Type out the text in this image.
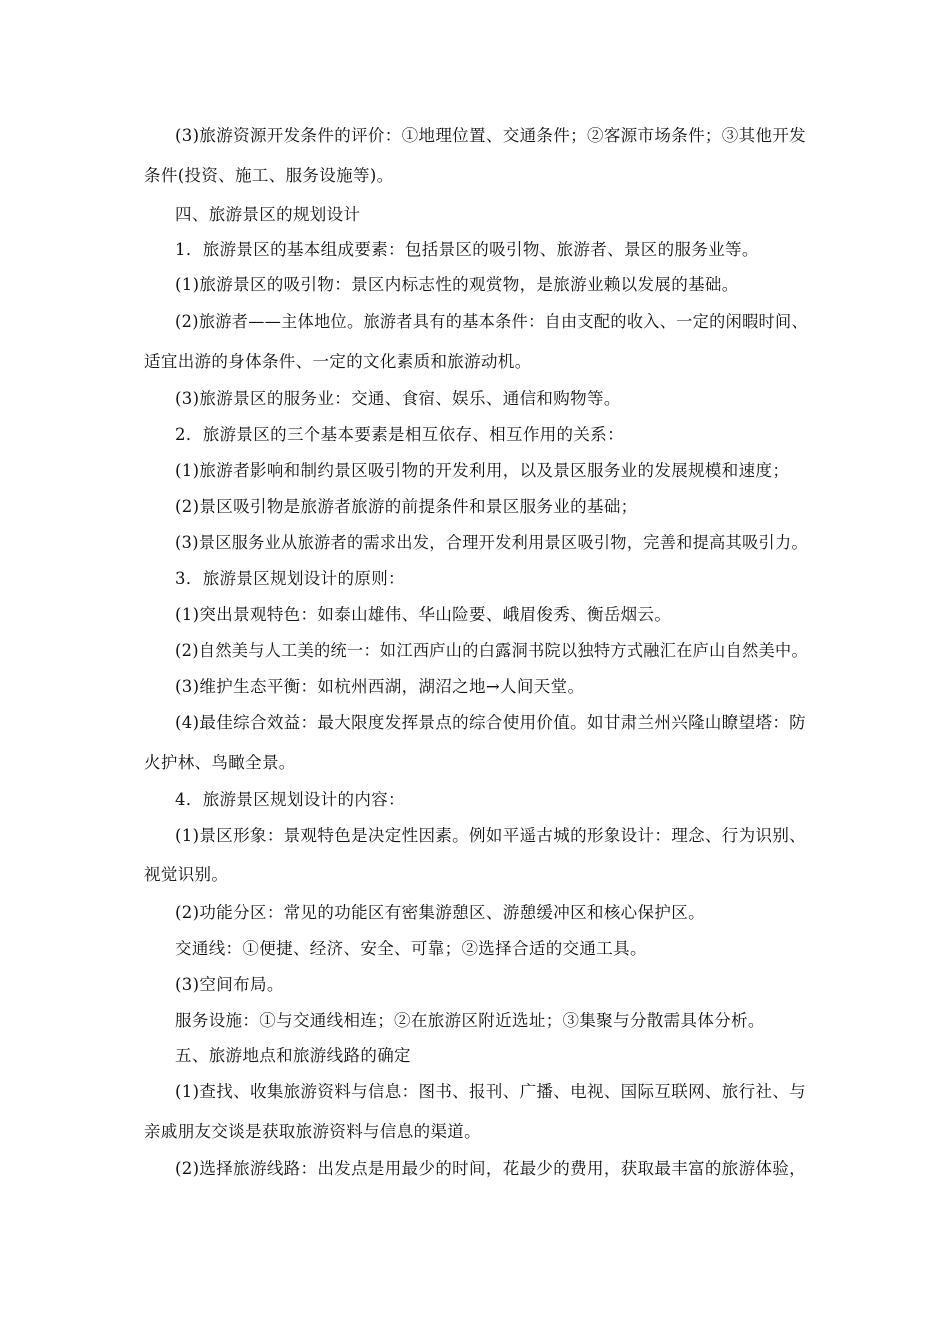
(3)旅游资源开发条件的评价：①地理位置、交通条件；②客源市场条件；③其他开发
条件(投资、施工、服务设施等)。
四、旅游景区的规划设计
1．旅游景区的基本组成要素：包括景区的吸引物、旅游者、景区的服务业等。
(1)旅游景区的吸引物：景区内标志性的观赏物，是旅游业赖以发展的基础。
(2)旅游者——主体地位。旅游者具有的基本条件：自由支配的收入、一定的闲暇时间、
适宜出游的身体条件、一定的文化素质和旅游动机。
(3)旅游景区的服务业：交通、食宿、娱乐、通信和购物等。
2．旅游景区的三个基本要素是相互依存、相互作用的关系：
(1)旅游者影响和制约景区吸引物的开发利用，以及景区服务业的发展规模和速度；
(2)景区吸引物是旅游者旅游的前提条件和景区服务业的基础；
(3)景区服务业从旅游者的需求出发，合理开发利用景区吸引物，完善和提高其吸引力。
3．旅游景区规划设计的原则：
(1)突出景观特色：如泰山雄伟、华山险要、峨眉俊秀、衡岳烟云。
(2)自然美与人工美的统一：如江西庐山的白露洞书院以独特方式融汇在庐山自然美中。
(3)维护生态平衡：如杭州西湖，湖沼之地→人间天堂。
(4)最佳综合效益：最大限度发挥景点的综合使用价值。如甘肃兰州兴隆山瞭望塔：防
火护林、鸟瞰全景。
4．旅游景区规划设计的内容：
(1)景区形象：景观特色是决定性因素。例如平遥古城的形象设计：理念、行为识别、
视觉识别。
(2)功能分区：常见的功能区有密集游憩区、游憩缓冲区和核心保护区。
交通线：①便捷、经济、安全、可靠；②选择合适的交通工具。
(3)空间布局。
服务设施：①与交通线相连；②在旅游区附近选址；③集聚与分散需具体分析。
五、旅游地点和旅游线路的确定
(1)查找、收集旅游资料与信息：图书、报刊、广播、电视、国际互联网、旅行社、与
亲戚朋友交谈是获取旅游资料与信息的渠道。
(2)选择旅游线路：出发点是用最少的时间，花最少的费用，获取最丰富的旅游体验，
